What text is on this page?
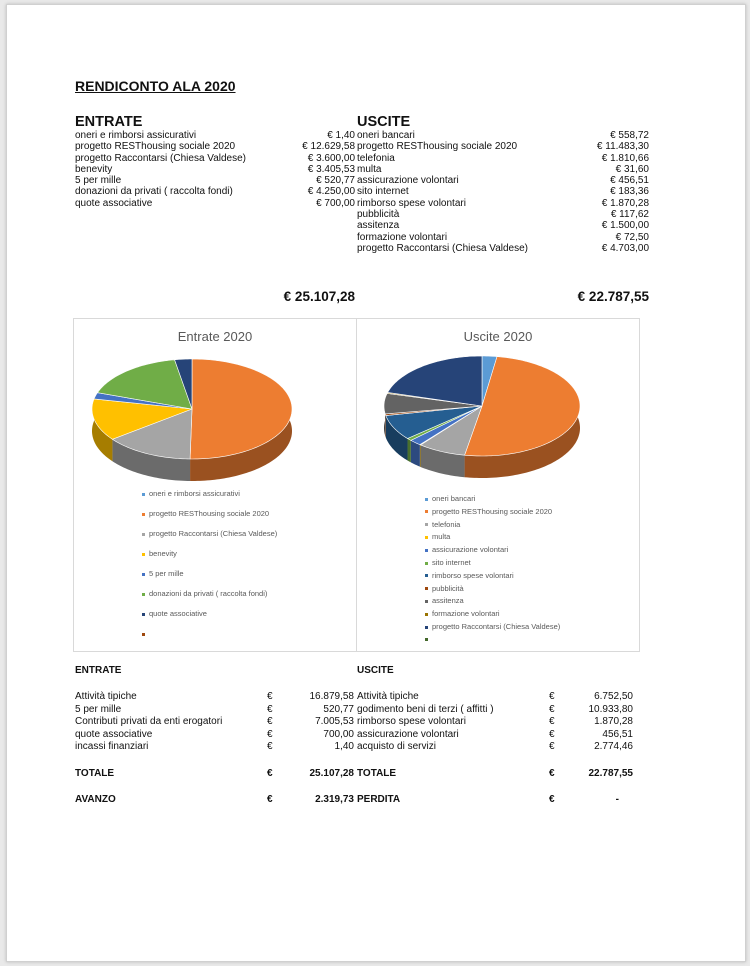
RENDICONTO ALA 2020
ENTRATE	USCITE
oneri e rimborsi assicurativi	€ 1,40
progetto RESThousing sociale 2020	€ 12.629,58
progetto Raccontarsi (Chiesa Valdese)	€ 3.600,00
benevity	€ 3.405,53
5 per mille	€ 520,77
donazioni da privati ( raccolta fondi)	€ 4.250,00
quote associative	€ 700,00
oneri bancari	€ 558,72
progetto RESThousing sociale 2020	€ 11.483,30
telefonia	€ 1.810,66
multa	€ 31,60
assicurazione volontari	€ 456,51
sito internet	€ 183,36
rimborso spese volontari	€ 1.870,28
pubblicità	€ 117,62
assitenza	€ 1.500,00
formazione volontari	€ 72,50
progetto Raccontarsi (Chiesa Valdese)	€ 4.703,00
€ 25.107,28	€ 22.787,55
Entrate 2020
oneri e rimborsi assicurativi
progetto RESThousing sociale 2020
progetto Raccontarsi (Chiesa Valdese)
benevity
5 per mille
donazioni da privati ( raccolta fondi)
quote associative
Uscite 2020
oneri bancari
progetto RESThousing sociale 2020
telefonia
multa
assicurazione volontari
sito internet
rimborso spese volontari
pubblicità
assitenza
formazione volontari
progetto Raccontarsi (Chiesa Valdese)
ENTRATE	USCITE
Attività tipiche	€	16.879,58
5 per mille	€	520,77
Contributi privati da enti erogatori	€	7.005,53
quote associative	€	700,00
incassi finanziari	€	1,40
Attività tipiche	€	6.752,50
godimento beni di terzi ( affitti )	€	10.933,80
rimborso spese volontari	€	1.870,28
assicurazione volontari	€	456,51
acquisto di servizi	€	2.774,46
TOTALE	€	25.107,28 TOTALE	€	22.787,55
AVANZO	€	2.319,73 PERDITA	€	-
